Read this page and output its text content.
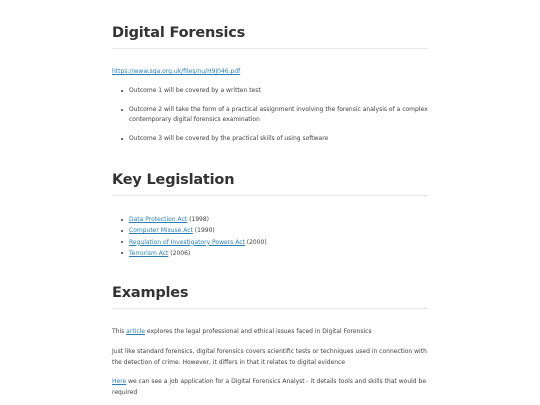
Digital Forensics
https://www.sqa.org.uk/files/nu/H9J046.pdf
Outcome 1 will be covered by a written test
Outcome 2 will take the form of a practical assignment involving the forensic analysis of a complex contemporary digital forensics examination
Outcome 3 will be covered by the practical skills of using software
Key Legislation
Data Protection Act (1998)
Computer Misuse Act (1990)
Regulation of Investigatory Powers Act (2000)
Terrorism Act (2006)
Examples

This article explores the legal professional and ethical issues faced in Digital Forensics

Just like standard forensics, digital forensics covers scientific tests or techniques used in connection with the detection of crime. However, it differs in that it relates to digital evidence

Here we can see a job application for a Digital Forensics Analyst - it details tools and skills that would be required
